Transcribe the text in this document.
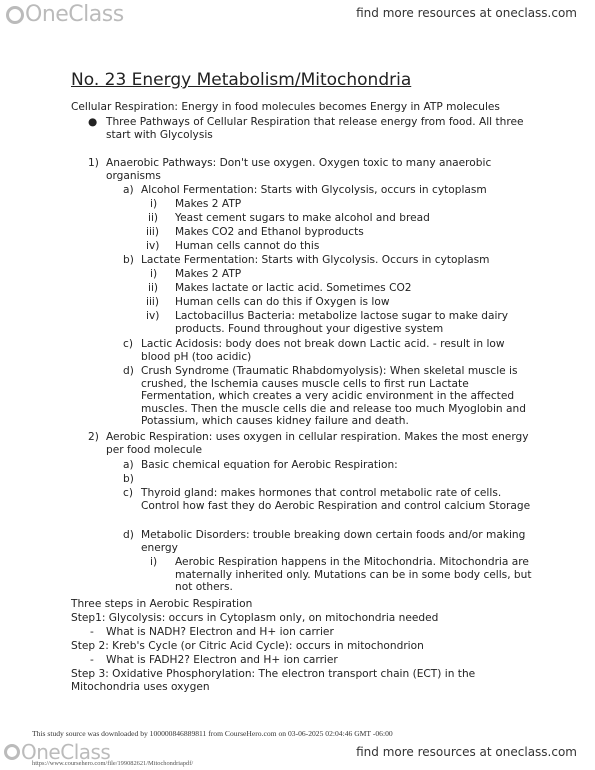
OneClass	find more resources at oneclass.com
No. 23 Energy Metabolism/Mitochondria
Cellular Respiration: Energy in food molecules becomes Energy in ATP molecules
● Three Pathways of Cellular Respiration that release energy from food. All three start with Glycolysis
1) Anaerobic Pathways: Don't use oxygen. Oxygen toxic to many anaerobic organisms
a) Alcohol Fermentation: Starts with Glycolysis, occurs in cytoplasm
i) Makes 2 ATP
ii) Yeast cement sugars to make alcohol and bread
iii) Makes CO2 and Ethanol byproducts
iv) Human cells cannot do this
b) Lactate Fermentation: Starts with Glycolysis. Occurs in cytoplasm
i) Makes 2 ATP
ii) Makes lactate or lactic acid. Sometimes CO2
iii) Human cells can do this if Oxygen is low
iv) Lactobacillus Bacteria: metabolize lactose sugar to make dairy products. Found throughout your digestive system
c) Lactic Acidosis: body does not break down Lactic acid. - result in low blood pH (too acidic)
d) Crush Syndrome (Traumatic Rhabdomyolysis): When skeletal muscle is crushed, the Ischemia causes muscle cells to first run Lactate Fermentation, which creates a very acidic environment in the affected muscles. Then the muscle cells die and release too much Myoglobin and Potassium, which causes kidney failure and death.
2) Aerobic Respiration: uses oxygen in cellular respiration. Makes the most energy per food molecule
a) Basic chemical equation for Aerobic Respiration:
b)
c) Thyroid gland: makes hormones that control metabolic rate of cells. Control how fast they do Aerobic Respiration and control calcium Storage
d) Metabolic Disorders: trouble breaking down certain foods and/or making energy
i) Aerobic Respiration happens in the Mitochondria. Mitochondria are maternally inherited only. Mutations can be in some body cells, but not others.
Three steps in Aerobic Respiration
Step1: Glycolysis: occurs in Cytoplasm only, on mitochondria needed
- What is NADH? Electron and H+ ion carrier
Step 2: Kreb's Cycle (or Citric Acid Cycle): occurs in mitochondrion
- What is FADH2? Electron and H+ ion carrier
Step 3: Oxidative Phosphorylation: The electron transport chain (ECT) in the Mitochondria uses oxygen
This study source was downloaded by 100000846889811 from CourseHero.com on 03-06-2025 02:04:46 GMT -06:00
OneClass	find more resources at oneclass.com
https://www.coursehero.com/file/199082621/Mitochondriapdf/
